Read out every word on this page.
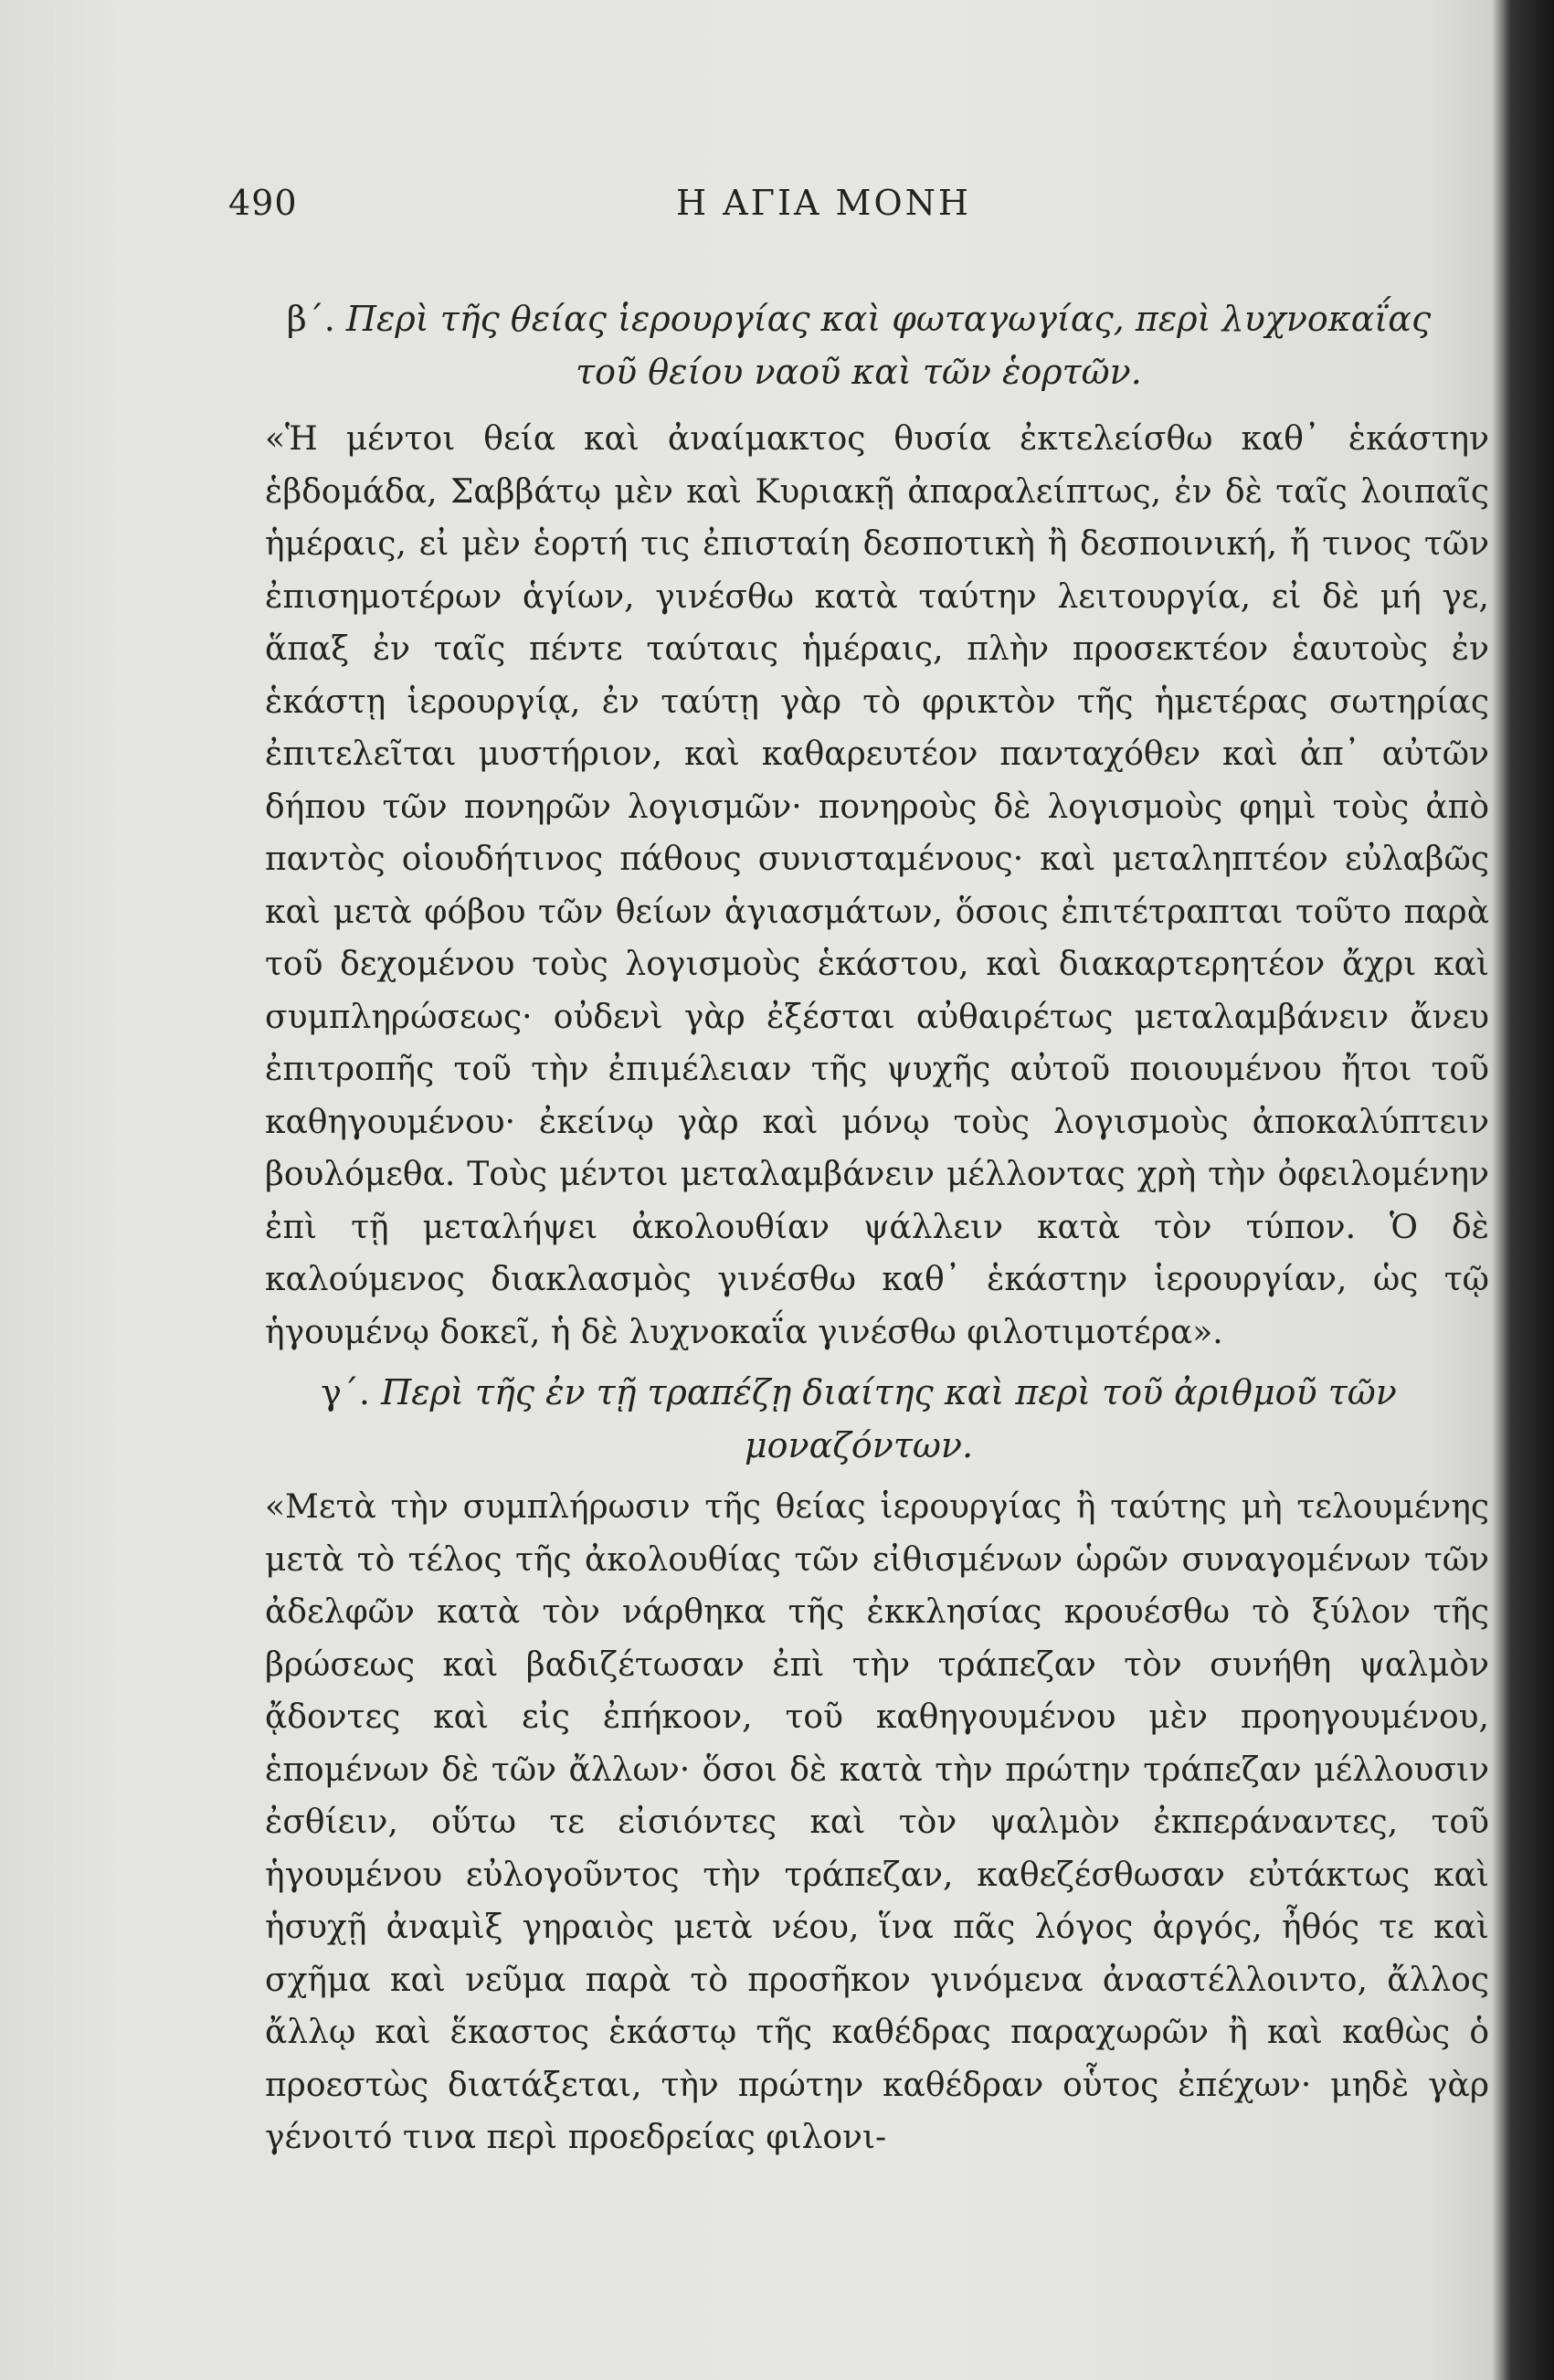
490	Η ΑΓΙΑ ΜΟΝΗ
β΄. Περὶ τῆς θείας ἱερουργίας καὶ φωταγωγίας, περὶ λυχνοκαΐας τοῦ θείου ναοῦ καὶ τῶν ἑορτῶν.

«Ἡ μέντοι θεία καὶ ἀναίμακτος θυσία ἐκτελείσθω καθ᾽ ἑκάστην ἑβδομάδα, Σαββάτῳ μὲν καὶ Κυριακῇ ἀπαραλείπτως, ἐν δὲ ταῖς λοιπαῖς ἡμέραις, εἰ μὲν ἑορτή τις ἐπισταίη δεσποτικὴ ἢ δεσποινική, ἤ τινος τῶν ἐπισημοτέρων ἁγίων, γινέσθω κατὰ ταύτην λειτουργία, εἰ δὲ μή γε, ἅπαξ ἐν ταῖς πέντε ταύταις ἡμέραις, πλὴν προσεκτέον ἑαυτοὺς ἐν ἑκάστῃ ἱερουργίᾳ, ἐν ταύτῃ γὰρ τὸ φρικτὸν τῆς ἡμετέρας σωτηρίας ἐπιτελεῖται μυστήριον, καὶ καθαρευτέον πανταχόθεν καὶ ἀπ᾽ αὐτῶν δήπου τῶν πονηρῶν λογισμῶν· πονηροὺς δὲ λογισμοὺς φημὶ τοὺς ἀπὸ παντὸς οἱουδήτινος πάθους συνισταμένους· καὶ μεταληπτέον εὐλαβῶς καὶ μετὰ φόβου τῶν θείων ἁγιασμάτων, ὅσοις ἐπιτέτραπται τοῦτο παρὰ τοῦ δεχομένου τοὺς λογισμοὺς ἑκάστου, καὶ διακαρτερητέον ἄχρι καὶ συμπληρώσεως· οὐδενὶ γὰρ ἐξέσται αὐθαιρέτως μεταλαμβάνειν ἄνευ ἐπιτροπῆς τοῦ τὴν ἐπιμέλειαν τῆς ψυχῆς αὐτοῦ ποιουμένου ἤτοι τοῦ καθηγουμένου· ἐκείνῳ γὰρ καὶ μόνῳ τοὺς λογισμοὺς ἀποκαλύπτειν βουλόμεθα. Τοὺς μέντοι μεταλαμβάνειν μέλλοντας χρὴ τὴν ὀφειλομένην ἐπὶ τῇ μεταλήψει ἀκολουθίαν ψάλλειν κατὰ τὸν τύπον. Ὁ δὲ καλούμενος διακλασμὸς γινέσθω καθ᾽ ἑκάστην ἱερουργίαν, ὡς τῷ ἡγουμένῳ δοκεῖ, ἡ δὲ λυχνοκαΐα γινέσθω φιλοτιμοτέρα».

γ΄. Περὶ τῆς ἐν τῇ τραπέζῃ διαίτης καὶ περὶ τοῦ ἀριθμοῦ τῶν μοναζόντων.

«Μετὰ τὴν συμπλήρωσιν τῆς θείας ἱερουργίας ἢ ταύτης μὴ τελουμένης μετὰ τὸ τέλος τῆς ἀκολουθίας τῶν εἰθισμένων ὡρῶν συναγομένων τῶν ἀδελφῶν κατὰ τὸν νάρθηκα τῆς ἐκκλησίας κρουέσθω τὸ ξύλον τῆς βρώσεως καὶ βαδιζέτωσαν ἐπὶ τὴν τράπεζαν τὸν συνήθη ψαλμὸν ᾄδοντες καὶ εἰς ἐπήκοον, τοῦ καθηγουμένου μὲν προηγουμένου, ἑπομένων δὲ τῶν ἄλλων· ὅσοι δὲ κατὰ τὴν πρώτην τράπεζαν μέλλουσιν ἐσθίειν, οὕτω τε εἰσιόντες καὶ τὸν ψαλμὸν ἐκπεράναντες, τοῦ ἡγουμένου εὐλογοῦντος τὴν τράπεζαν, καθεζέσθωσαν εὐτάκτως καὶ ἡσυχῇ ἀναμὶξ γηραιὸς μετὰ νέου, ἵνα πᾶς λόγος ἀργός, ἦθός τε καὶ σχῆμα καὶ νεῦμα παρὰ τὸ προσῆκον γινόμενα ἀναστέλλοιντο, ἄλλος ἄλλῳ καὶ ἕκαστος ἑκάστῳ τῆς καθέδρας παραχωρῶν ἢ καὶ καθὼς ὁ προεστὼς διατάξεται, τὴν πρώτην καθέδραν οὗτος ἐπέχων· μηδὲ γὰρ γένοιτό τινα περὶ προεδρείας φιλονι-
